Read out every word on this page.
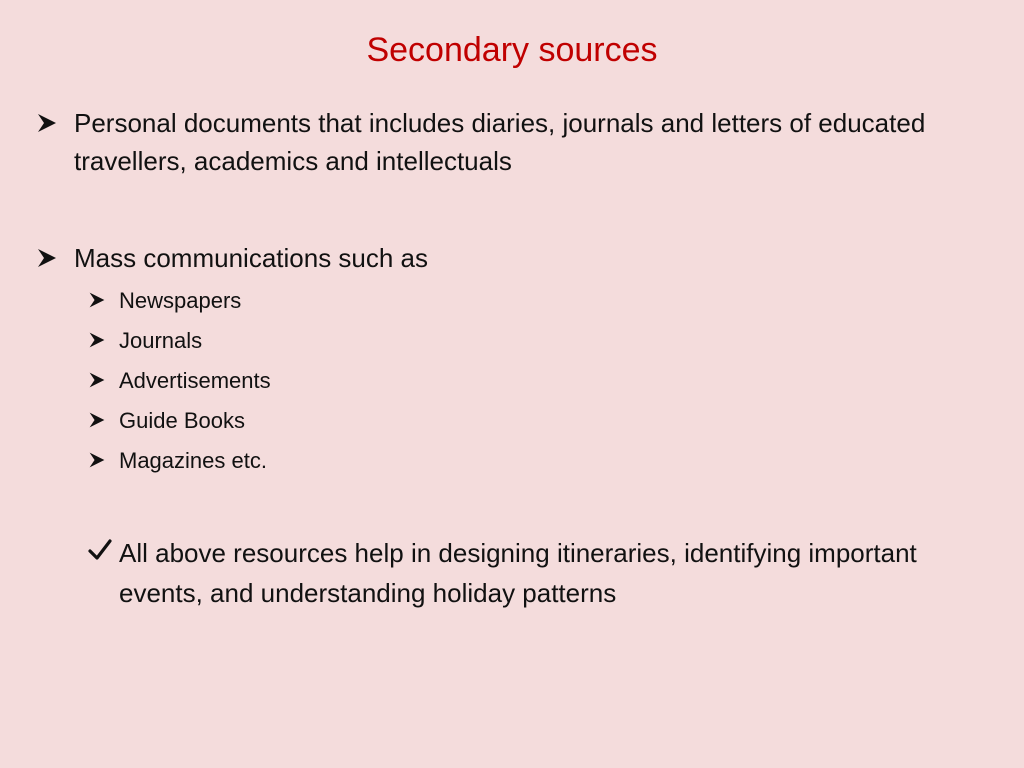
Secondary sources
Personal documents that includes diaries, journals and letters of educated travellers, academics and intellectuals
Mass communications such as
Newspapers
Journals
Advertisements
Guide Books
Magazines etc.
All above resources help in designing itineraries, identifying important events, and understanding holiday patterns
